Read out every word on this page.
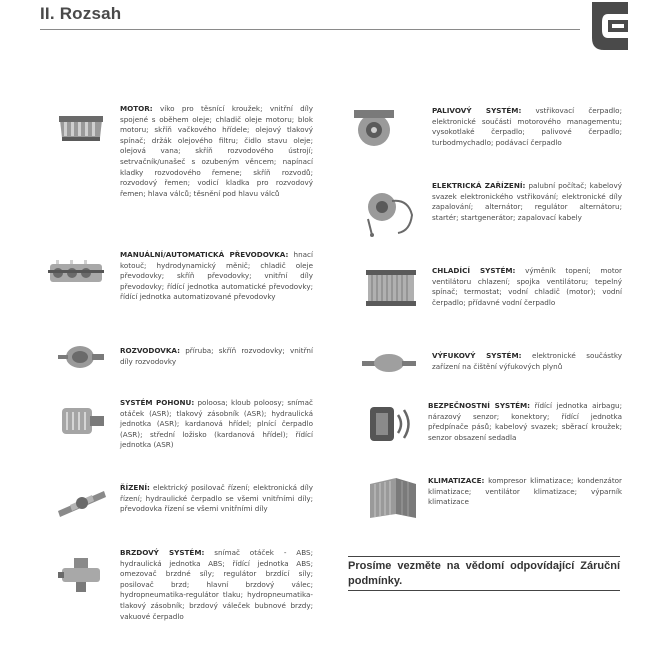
II. Rozsah
MOTOR: víko pro těsnící kroužek; vnitřní díly spojené s oběhem oleje; chladič oleje motoru; blok motoru; skříň vačkového hřídele; olejový tlakový spínač; držák olejového filtru; čidlo stavu oleje; olejová vana; skříň rozvodového ústrojí; setrvačník/unašeč s ozubeným věncem; napínací kladky rozvodového řemene; skříň rozvodů; rozvodový řemen; vodicí kladka pro rozvodový řemen; hlava válců; těsnění pod hlavu válců
MANUÁLNÍ/AUTOMATICKÁ PŘEVODOVKA: hnací kotouč; hydrodynamický měnič; chladič oleje převodovky; skříň převodovky; vnitřní díly převodovky; řídící jednotka automatické převodovky; řídící jednotka automatizované převodovky
ROZVODOVKA: příruba; skříň rozvodovky; vnitřní díly rozvodovky
SYSTÉM POHONU: poloosa; kloub poloosy; snímač otáček (ASR); tlakový zásobník (ASR); hydraulická jednotka (ASR); kardanová hřídel; plnící čerpadlo (ASR); střední ložisko (kardanová hřídel); řídící jednotka (ASR)
ŘÍZENÍ: elektrický posilovač řízení; elektronická díly řízení; hydraulické čerpadlo se všemi vnitřními díly; převodovka řízení se všemi vnitřními díly
BRZDOVÝ SYSTÉM: snímač otáček - ABS; hydraulická jednotka ABS; řídící jednotka ABS; omezovač brzdné síly; regulátor brzdící síly; posilovač brzd; hlavní brzdový válec; hydropneumatika-regulátor tlaku; hydropneumatika-tlakový zásobník; brzdový váleček bubnové brzdy; vakuové čerpadlo
PALIVOVÝ SYSTÉM: vstřikovací čerpadlo; elektronické součásti motorového managementu; vysokotlaké čerpadlo; palivové čerpadlo; turbodmychadlo; podávací čerpadlo
ELEKTRICKÁ ZAŘÍZENÍ: palubní počítač; kabelový svazek elektronického vstřikování; elektronické díly zapalování; alternátor; regulátor alternátoru; startér; startgenerátor; zapalovací kabely
CHLADÍCÍ SYSTÉM: výměník topení; motor ventilátoru chlazení; spojka ventilátoru; tepelný spínač; termostat; vodní chladič (motor); vodní čerpadlo; přídavné vodní čerpadlo
VÝFUKOVÝ SYSTÉM: elektronické součástky zařízení na čištění výfukových plynů
BEZPEČNOSTNÍ SYSTÉM: řídící jednotka airbagu; nárazový senzor; konektory; řídící jednotka předpínače pásů; kabelový svazek; sběrací kroužek; senzor obsazení sedadla
KLIMATIZACE: kompresor klimatizace; kondenzátor klimatizace; ventilátor klimatizace; výparník klimatizace
Prosíme vezměte na vědomí odpovídající Záruční podmínky.
